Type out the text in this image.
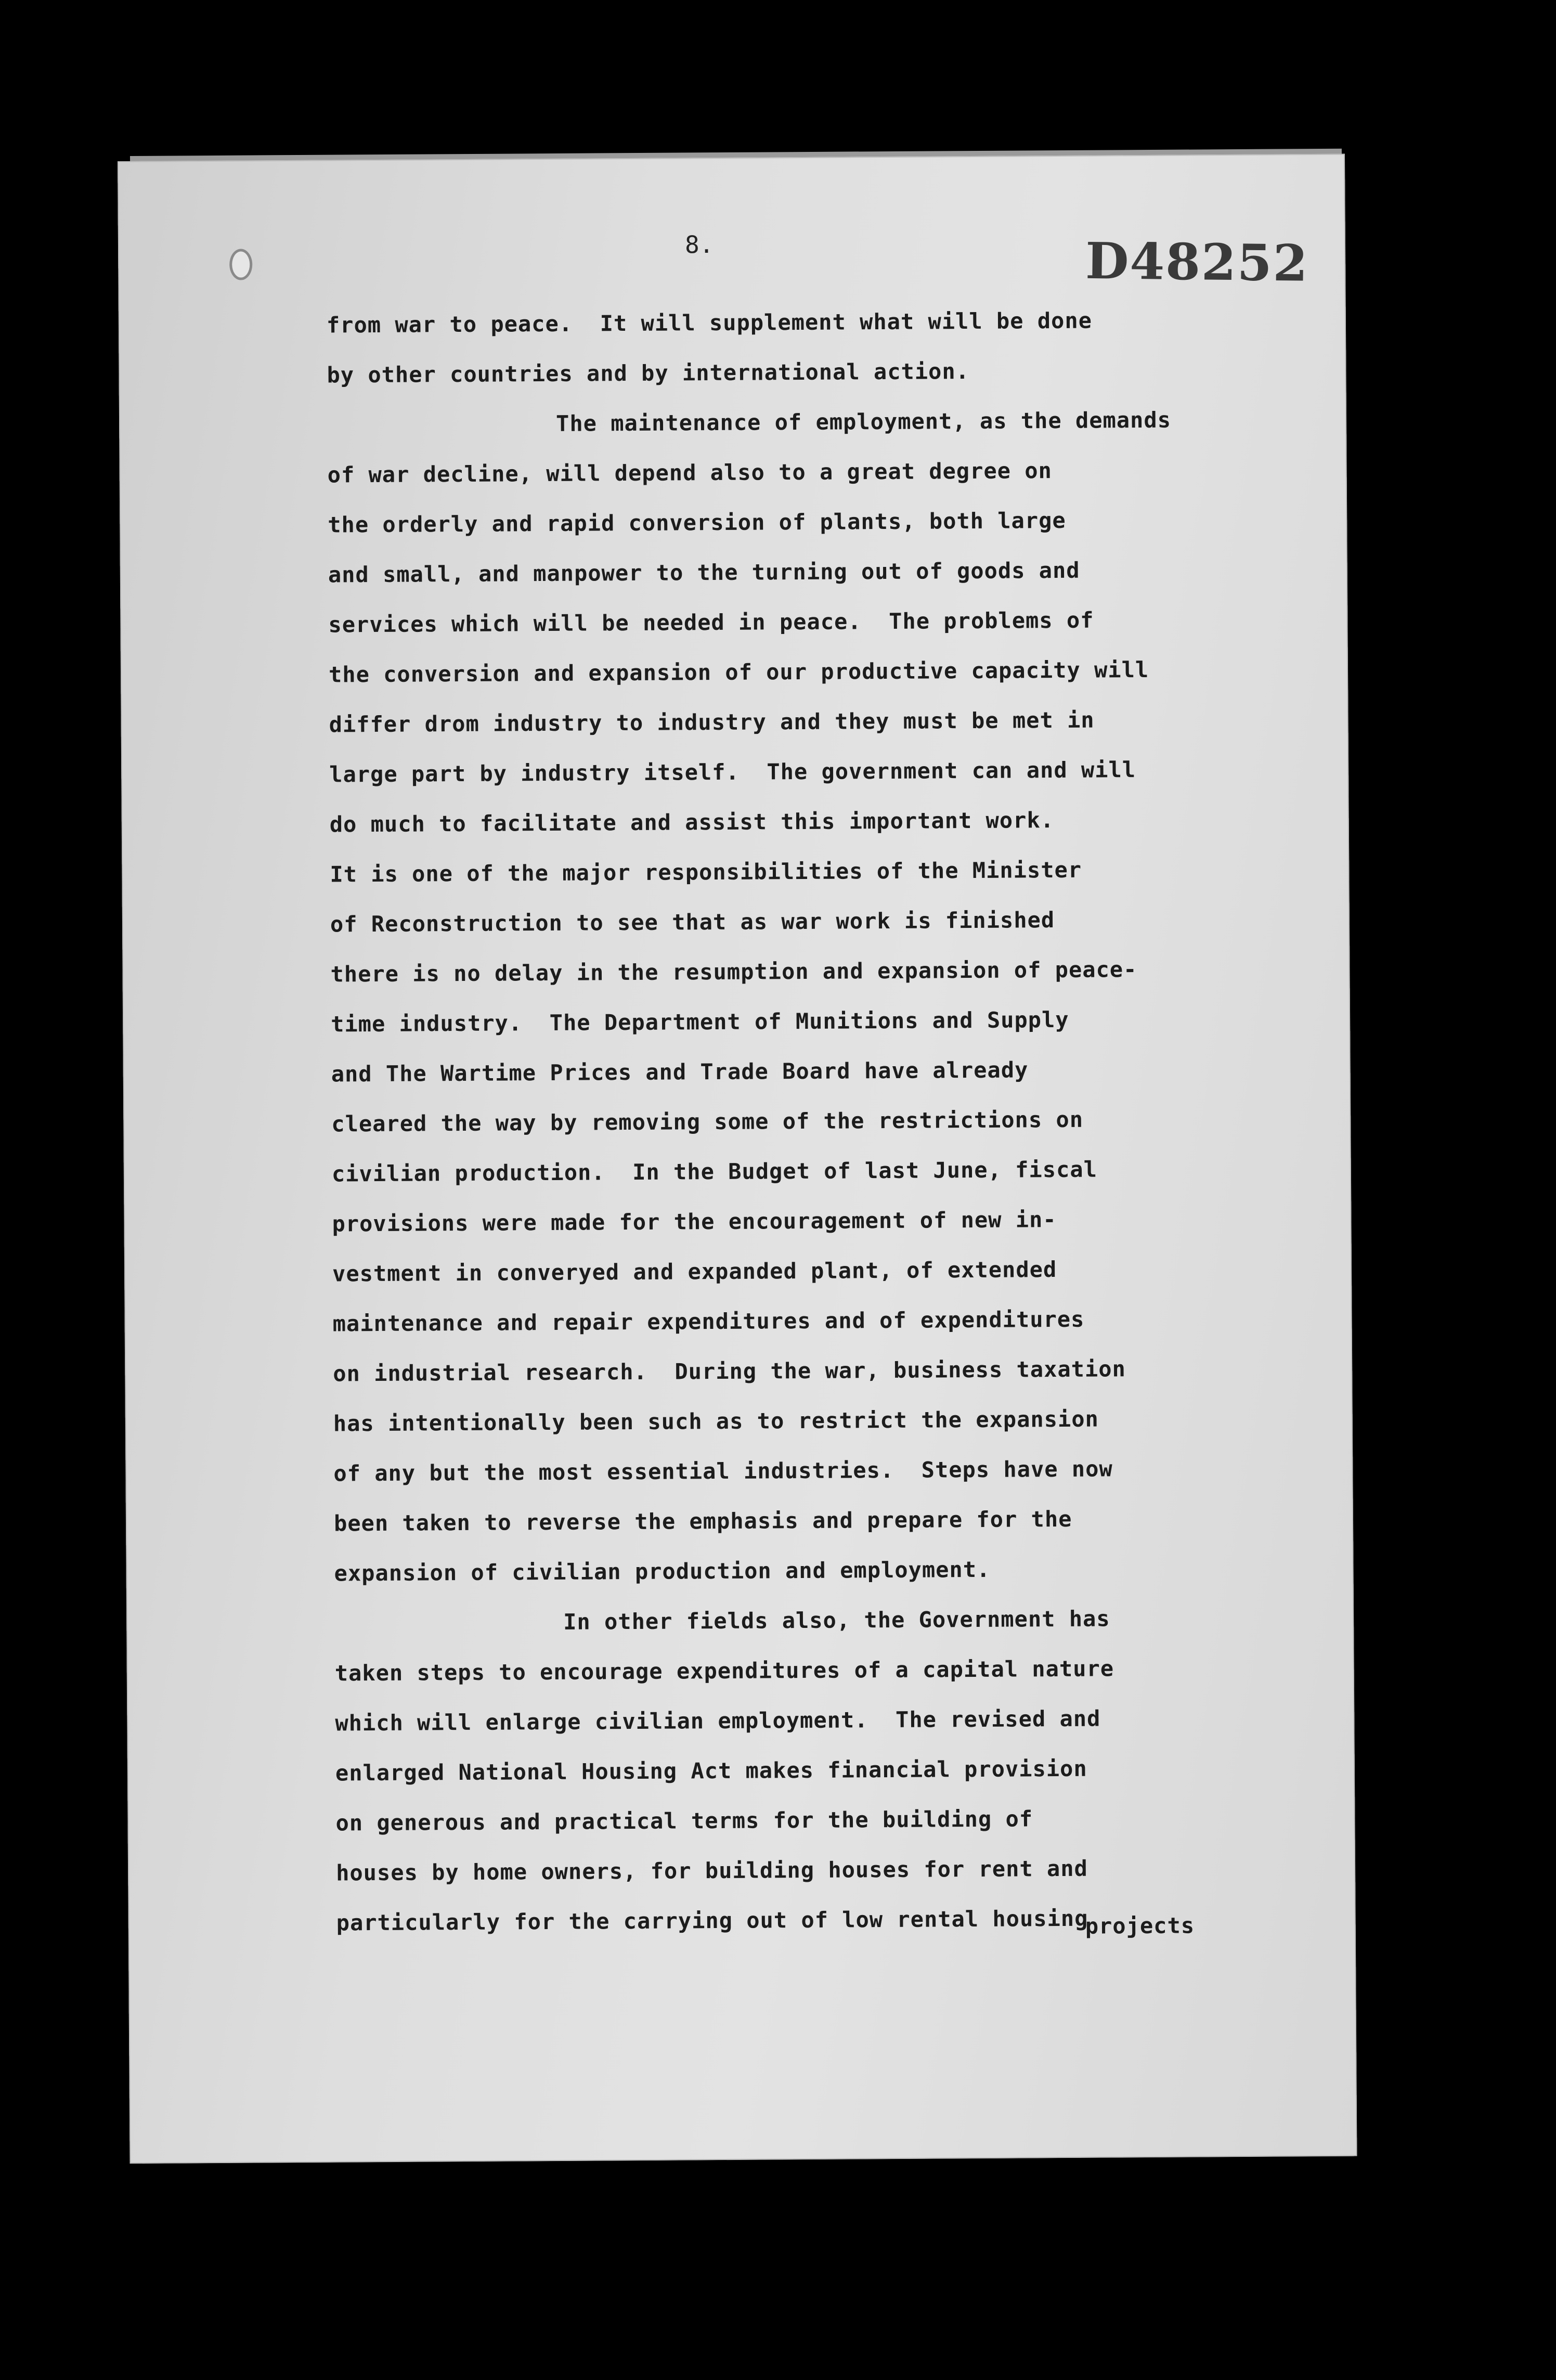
8.	D48252
from war to peace.  It will supplement what will be done
by other countries and by international action.
The maintenance of employment, as the demands
of war decline, will depend also to a great degree on
the orderly and rapid conversion of plants, both large
and small, and manpower to the turning out of goods and
services which will be needed in peace.  The problems of
the conversion and expansion of our productive capacity will
differ drom industry to industry and they must be met in
large part by industry itself.  The government can and will
do much to facilitate and assist this important work.
It is one of the major responsibilities of the Minister
of Reconstruction to see that as war work is finished
there is no delay in the resumption and expansion of peace-
time industry.  The Department of Munitions and Supply
and The Wartime Prices and Trade Board have already
cleared the way by removing some of the restrictions on
civilian production.  In the Budget of last June, fiscal
provisions were made for the encouragement of new in-
vestment in converyed and expanded plant, of extended
maintenance and repair expenditures and of expenditures
on industrial research.  During the war, business taxation
has intentionally been such as to restrict the expansion
of any but the most essential industries.  Steps have now
been taken to reverse the emphasis and prepare for the
expansion of civilian production and employment.
In other fields also, the Government has
taken steps to encourage expenditures of a capital nature
which will enlarge civilian employment.  The revised and
enlarged National Housing Act makes financial provision
on generous and practical terms for the building of
houses by home owners, for building houses for rent and
particularly for the carrying out of low rental housing
projects
